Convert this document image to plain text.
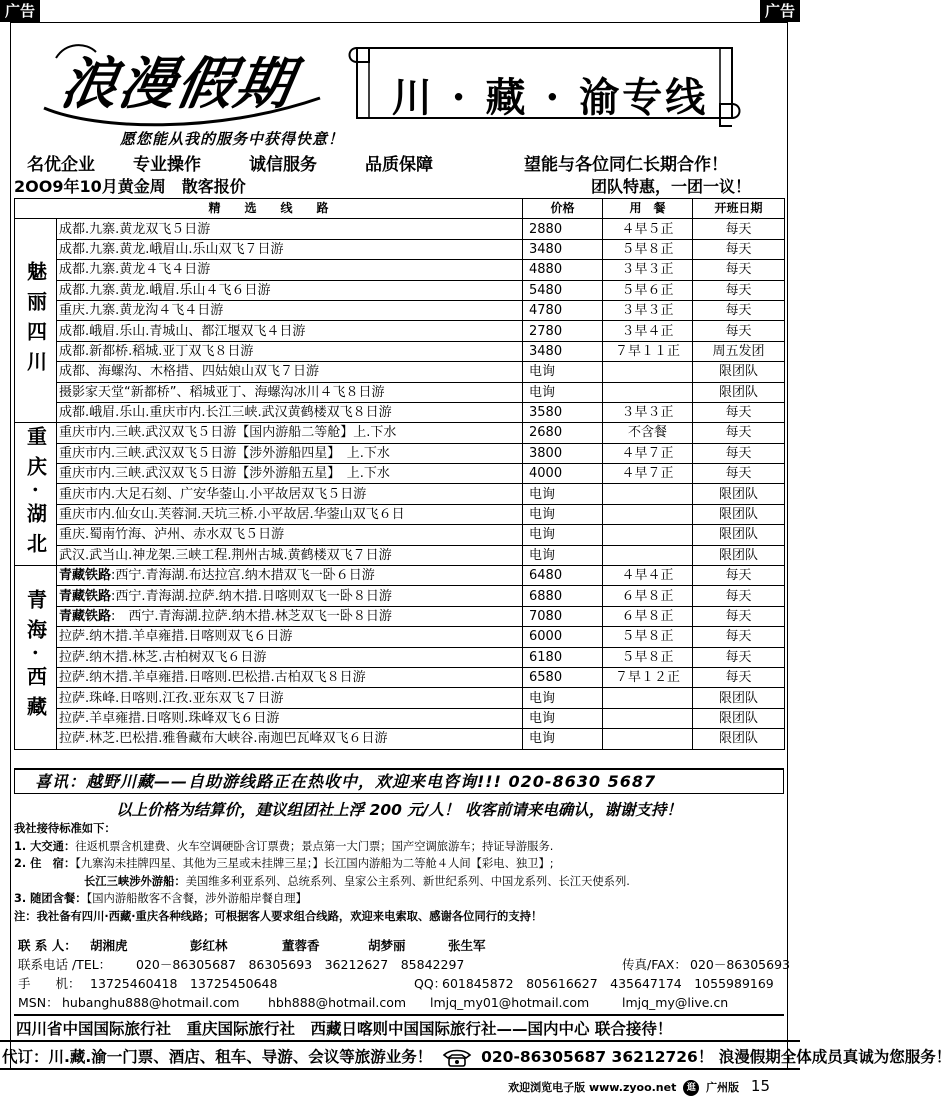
广告	广告
浪漫假期	川 · 藏 · 渝专线
愿您能从我的服务中获得快意！
名优企业 专业操作	诚信服务	品质保障	望能与各位同仁长期合作！
2OO9年10月黄金周　散客报价	团队特惠，一团一议！
精　　选　　线　　路		价格	用　餐	开班日期
魅丽四川	成都.九寨.黄龙双飞５日游	2880	４早５正	每天
	成都.九寨.黄龙.峨眉山.乐山双飞７日游	3480	５早８正	每天
	成都.九寨.黄龙４飞４日游	4880	３早３正	每天
	成都.九寨.黄龙.峨眉.乐山４飞６日游	5480	５早６正	每天
	重庆.九寨.黄龙沟４飞４日游	4780	３早３正	每天
	成都.峨眉.乐山.青城山、都江堰双飞４日游	2780	３早４正	每天
	成都.新都桥.稻城.亚丁双飞８日游	3480	７早１１正	周五发团
	成都、海螺沟、木格措、四姑娘山双飞７日游	电询		限团队
	摄影家天堂“新都桥”、稻城亚丁、海螺沟冰川４飞８日游	电询		限团队
	成都.峨眉.乐山.重庆市内.长江三峡.武汉黄鹤楼双飞８日游	3580	３早３正	每天
重庆·湖北	重庆市内.三峡.武汉双飞５日游【国内游船二等舱】上.下水	2680	不含餐	每天
	重庆市内.三峡.武汉双飞５日游【涉外游船四星】　上.下水	3800	４早７正	每天
	重庆市内.三峡.武汉双飞５日游【涉外游船五星】　上.下水	4000	４早７正	每天
	重庆市内.大足石刻、广安华蓥山.小平故居双飞５日游	电询		限团队
	重庆市内.仙女山.芙蓉洞.天坑三桥.小平故居.华蓥山双飞６日	电询		限团队
	重庆.蜀南竹海、泸州、赤水双飞５日游	电询		限团队
	武汉.武当山.神龙架.三峡工程.荆州古城.黄鹤楼双飞７日游	电询		限团队
青海·西藏	青藏铁路:西宁.青海湖.布达拉宫.纳木措双飞一卧６日游	6480	４早４正	每天
	青藏铁路:西宁.青海湖.拉萨.纳木措.日喀则双飞一卧８日游	6880	６早８正	每天
	青藏铁路:　西宁.青海湖.拉萨.纳木措.林芝双飞一卧８日游	7080	６早８正	每天
	拉萨.纳木措.羊卓雍措.日喀则双飞６日游	6000	５早８正	每天
	拉萨.纳木措.林芝.古柏树双飞６日游	6180	５早８正	每天
	拉萨.纳木措.羊卓雍措.日喀则.巴松措.古柏双飞８日游	6580	７早１２正	每天
	拉萨.珠峰.日喀则.江孜.亚东双飞７日游	电询		限团队
	拉萨.羊卓雍措.日喀则.珠峰双飞６日游	电询		限团队
	拉萨.林芝.巴松措.雅鲁藏布大峡谷.南迦巴瓦峰双飞６日游	电询		限团队
喜讯：越野川藏——自助游线路正在热收中，欢迎来电咨询!!! 020-8630 5687
以上价格为结算价，建议组团社上浮 200 元/人！ 收客前请来电确认，谢谢支持！
我社接待标准如下：
1. 大交通：往返机票含机建费、火车空调硬卧含订票费；景点第一大门票；国产空调旅游车；持证导游服务.
2. 住　宿：【九寨沟未挂牌四星、其他为三星或未挂牌三星；】长江国内游船为二等舱４人间【彩电、独卫】;
长江三峡涉外游船：美国维多利亚系列、总统系列、皇家公主系列、新世纪系列、中国龙系列、长江天使系列.
3. 随团含餐：【国内游船散客不含餐，涉外游船岸餐自理】
注：我社备有四川·西藏·重庆各种线路；可根据客人要求组合线路，欢迎来电索取、感谢各位同行的支持！
联 系 人： 胡湘虎	彭红林	董蓉香	胡梦丽	张生军
联系电话 /TEL： 020－86305687　86305693　36212627　85842297	传真/FAX： 020－86305693
手　　机： 13725460418　13725450648	QQ：
601845872　805616627　435647174　1055989169
MSN： hubanghu888@hotmail.com hbh888@hotmail.com lmjq_my01@hotmail.com	lmjq_my@live.cn
四川省中国国际旅行社　重庆国际旅行社　西藏日喀则中国国际旅行社——国内中心 联合接待！
代订：川.藏.渝一门票、酒店、租车、导游、会议等旅游业务！	020-86305687 36212726！ 浪漫假期全体成员真诚为您服务！
欢迎浏览电子版 www.zyoo.net 逛 广州版 15
